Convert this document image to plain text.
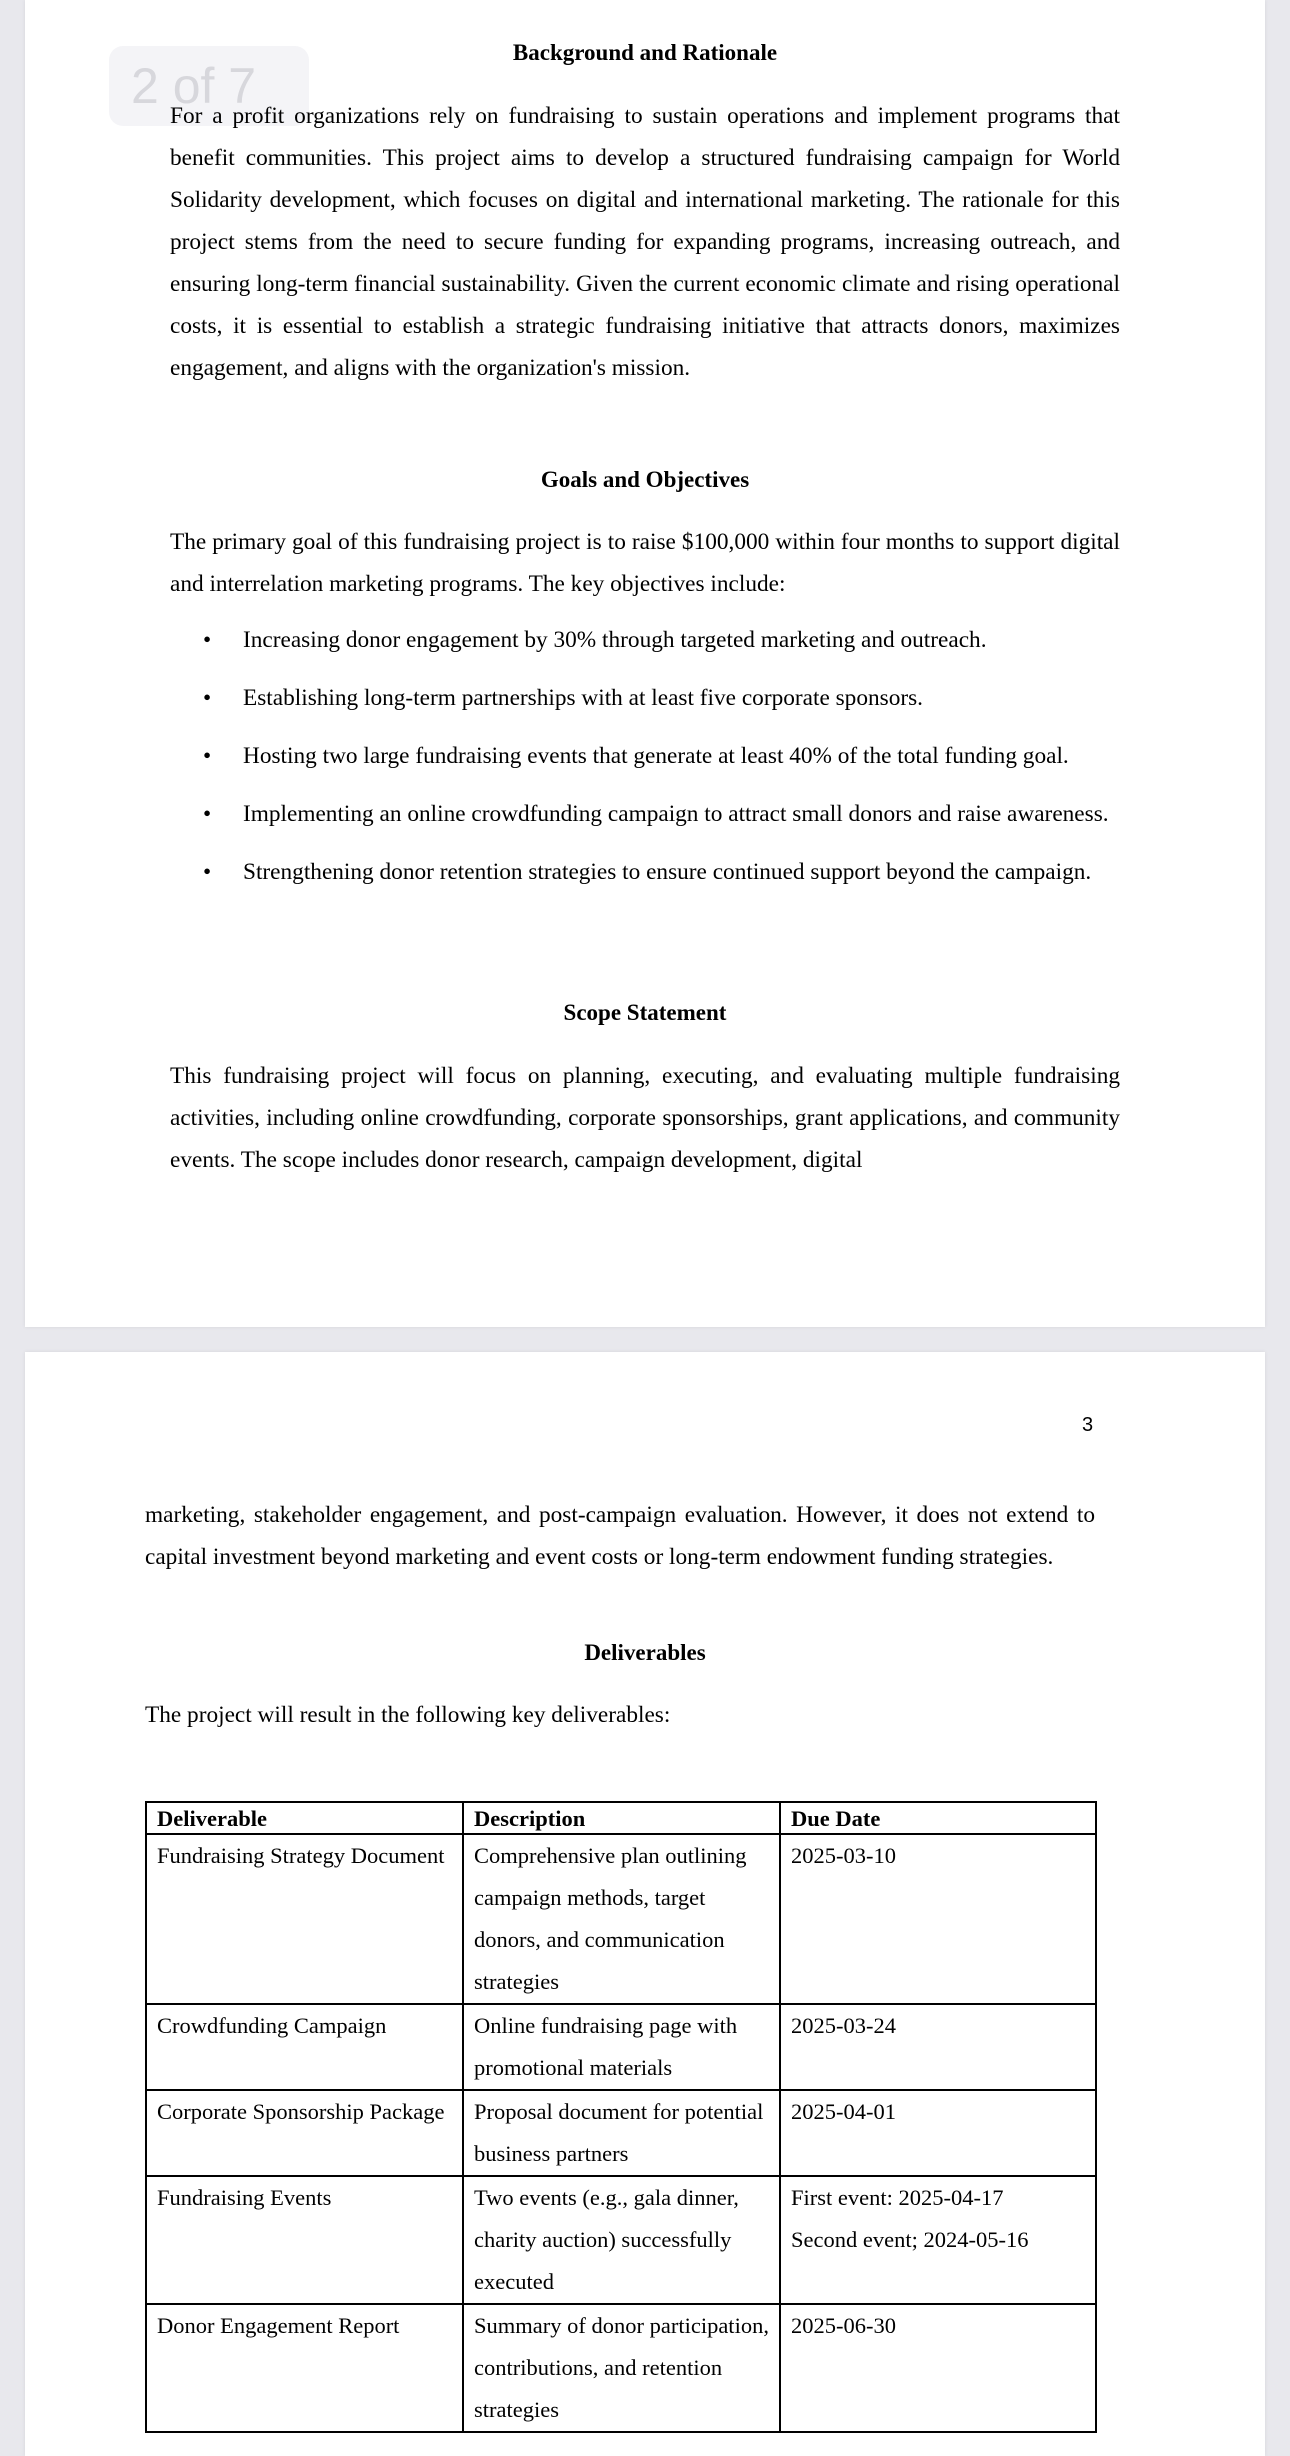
2 of 7
Background and Rationale

For a profit organizations rely on fundraising to sustain operations and implement programs that benefit communities. This project aims to develop a structured fundraising campaign for World Solidarity development, which focuses on digital and international marketing. The rationale for this project stems from the need to secure funding for expanding programs, increasing outreach, and ensuring long-term financial sustainability. Given the current economic climate and rising operational costs, it is essential to establish a strategic fundraising initiative that attracts donors, maximizes engagement, and aligns with the organization's mission.

Goals and Objectives

The primary goal of this fundraising project is to raise $100,000 within four months to support digital and interrelation marketing programs. The key objectives include:

• Increasing donor engagement by 30% through targeted marketing and outreach.
• Establishing long-term partnerships with at least five corporate sponsors.
• Hosting two large fundraising events that generate at least 40% of the total funding goal.
• Implementing an online crowdfunding campaign to attract small donors and raise awareness.
• Strengthening donor retention strategies to ensure continued support beyond the campaign.
Scope Statement

This fundraising project will focus on planning, executing, and evaluating multiple fundraising activities, including online crowdfunding, corporate sponsorships, grant applications, and community events. The scope includes donor research, campaign development, digital

3

marketing, stakeholder engagement, and post-campaign evaluation. However, it does not extend to capital investment beyond marketing and event costs or long-term endowment funding strategies.

Deliverables

The project will result in the following key deliverables:

Deliverable	Description	Due Date
Fundraising Strategy Document	Comprehensive plan outlining campaign methods, target donors, and communication strategies	2025-03-10

Crowdfunding Campaign	Online fundraising page with promotional materials	2025-03-24

Corporate Sponsorship Package	Proposal document for potential business partners	2025-04-01

Fundraising Events	Two events (e.g., gala dinner, charity auction) successfully executed	First event: 2025-04-17
Second event; 2024-05-16

Donor Engagement Report	Summary of donor participation, contributions, and retention strategies	2025-06-30
